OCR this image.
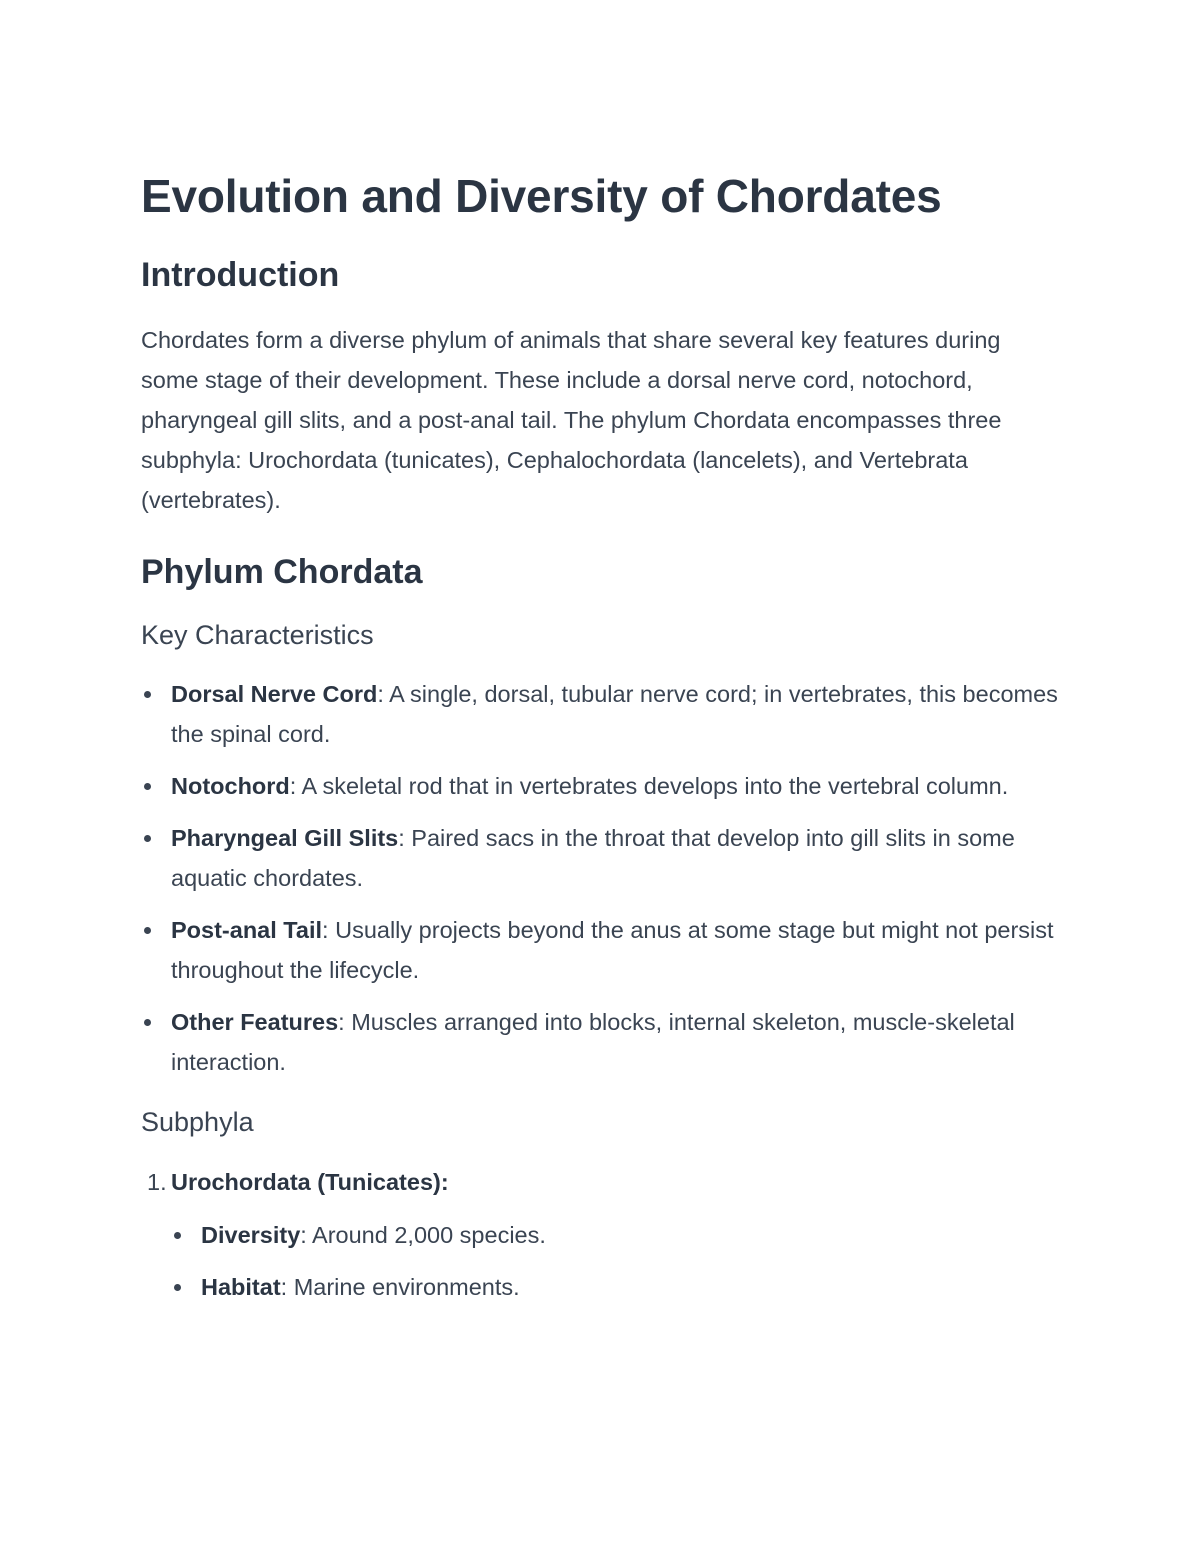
Evolution and Diversity of Chordates
Introduction

Chordates form a diverse phylum of animals that share several key features during some stage of their development. These include a dorsal nerve cord, notochord, pharyngeal gill slits, and a post-anal tail. The phylum Chordata encompasses three subphyla: Urochordata (tunicates), Cephalochordata (lancelets), and Vertebrata (vertebrates).

Phylum Chordata
Key Characteristics
Dorsal Nerve Cord: A single, dorsal, tubular nerve cord; in vertebrates, this becomes the spinal cord.
Notochord: A skeletal rod that in vertebrates develops into the vertebral column.
Pharyngeal Gill Slits: Paired sacs in the throat that develop into gill slits in some aquatic chordates.
Post-anal Tail: Usually projects beyond the anus at some stage but might not persist throughout the lifecycle.
Other Features: Muscles arranged into blocks, internal skeleton, muscle-skeletal interaction.
Subphyla
1. Urochordata (Tunicates):
Diversity: Around 2,000 species.
Habitat: Marine environments.
